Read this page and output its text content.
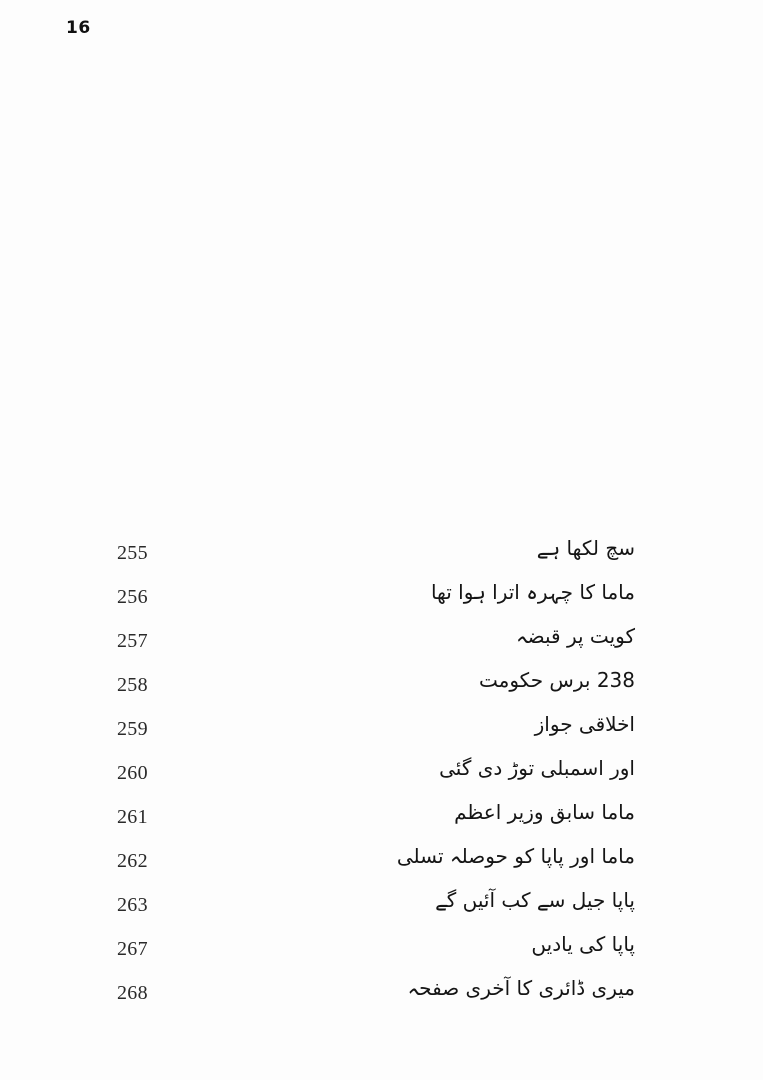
16
سچ لکھا ہے
255
ماما کا چہرہ اترا ہوا تھا
256
کویت پر قبضہ
257
238 برس حکومت
258
اخلاقی جواز
259
اور اسمبلی توڑ دی گئی
260
ماما سابق وزیر اعظم
261
ماما اور پاپا کو حوصلہ تسلی
262
پاپا جیل سے کب آئیں گے
263
پاپا کی یادیں
267
میری ڈائری کا آخری صفحہ
268
